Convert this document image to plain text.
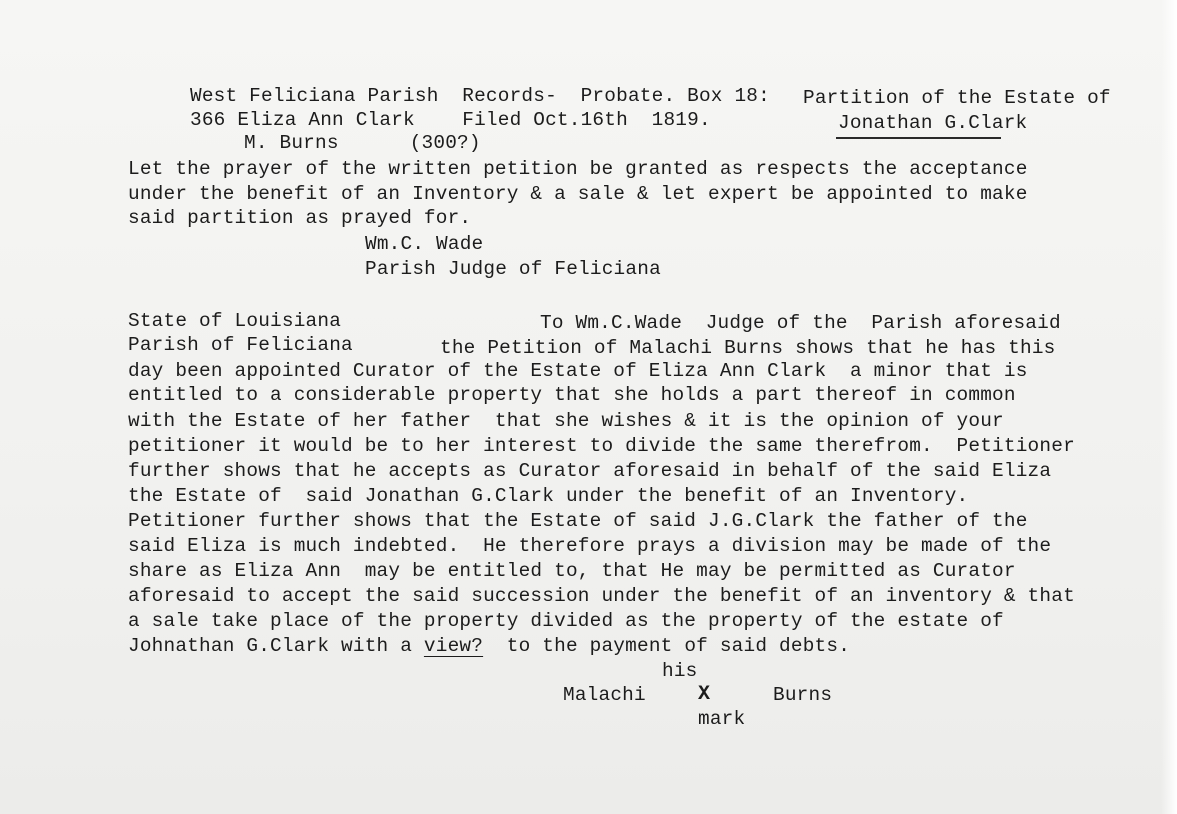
West Feliciana Parish  Records-  Probate. Box 18: Partition of the Estate of
366 Eliza Ann Clark    Filed Oct.16th  1819.	Jonathan G.Clark
M. Burns      (300?)
Let the prayer of the written petition be granted as respects the acceptance
under the benefit of an Inventory & a sale & let expert be appointed to make
said partition as prayed for.
Wm.C. Wade
Parish Judge of Feliciana
State of Louisiana	To Wm.C.Wade  Judge of the  Parish aforesaid
Parish of Feliciana	the Petition of Malachi Burns shows that he has this
day been appointed Curator of the Estate of Eliza Ann Clark  a minor that is
entitled to a considerable property that she holds a part thereof in common
with the Estate of her father  that she wishes & it is the opinion of your
petitioner it would be to her interest to divide the same therefrom.  Petitioner
further shows that he accepts as Curator aforesaid in behalf of the said Eliza
the Estate of  said Jonathan G.Clark under the benefit of an Inventory.
Petitioner further shows that the Estate of said J.G.Clark the father of the
said Eliza is much indebted.  He therefore prays a division may be made of the
share as Eliza Ann  may be entitled to, that He may be permitted as Curator
aforesaid to accept the said succession under the benefit of an inventory & that
a sale take place of the property divided as the property of the estate of
Johnathan G.Clark with a view?  to the payment of said debts.
his
Malachi	X	Burns
mark
